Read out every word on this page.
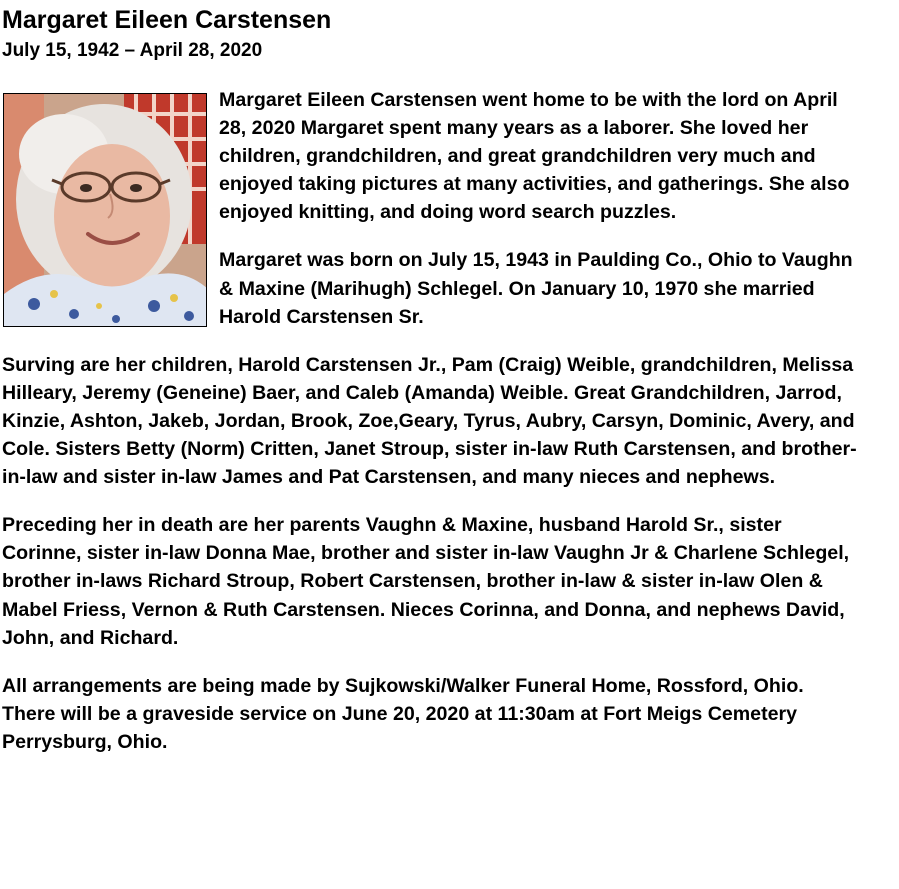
Margaret Eileen Carstensen
July 15, 1942 – April 28, 2020

Margaret Eileen Carstensen went home to be with the lord on April 28, 2020 Margaret spent many years as a laborer. She loved her children, grandchildren, and great grandchildren very much and enjoyed taking pictures at many activities, and gatherings. She also enjoyed knitting, and doing word search puzzles.

Margaret was born on July 15, 1943 in Paulding Co., Ohio to Vaughn & Maxine (Marihugh) Schlegel. On January 10, 1970 she married Harold Carstensen Sr.

Surving are her children, Harold Carstensen Jr., Pam (Craig) Weible, grandchildren, Melissa Hilleary, Jeremy (Geneine) Baer, and Caleb (Amanda) Weible. Great Grandchildren, Jarrod, Kinzie, Ashton, Jakeb, Jordan, Brook, Zoe,Geary, Tyrus, Aubry, Carsyn, Dominic, Avery, and Cole. Sisters Betty (Norm) Critten, Janet Stroup, sister in-law Ruth Carstensen, and brother-in-law and sister in-law James and Pat Carstensen, and many nieces and nephews.

Preceding her in death are her parents Vaughn & Maxine, husband Harold Sr., sister Corinne, sister in-law Donna Mae, brother and sister in-law Vaughn Jr & Charlene Schlegel, brother in-laws Richard Stroup, Robert Carstensen, brother in-law & sister in-law Olen & Mabel Friess, Vernon & Ruth Carstensen. Nieces Corinna, and Donna, and nephews David, John, and Richard.

All arrangements are being made by Sujkowski/Walker Funeral Home, Rossford, Ohio. There will be a graveside service on June 20, 2020 at 11:30am at Fort Meigs Cemetery Perrysburg, Ohio.
